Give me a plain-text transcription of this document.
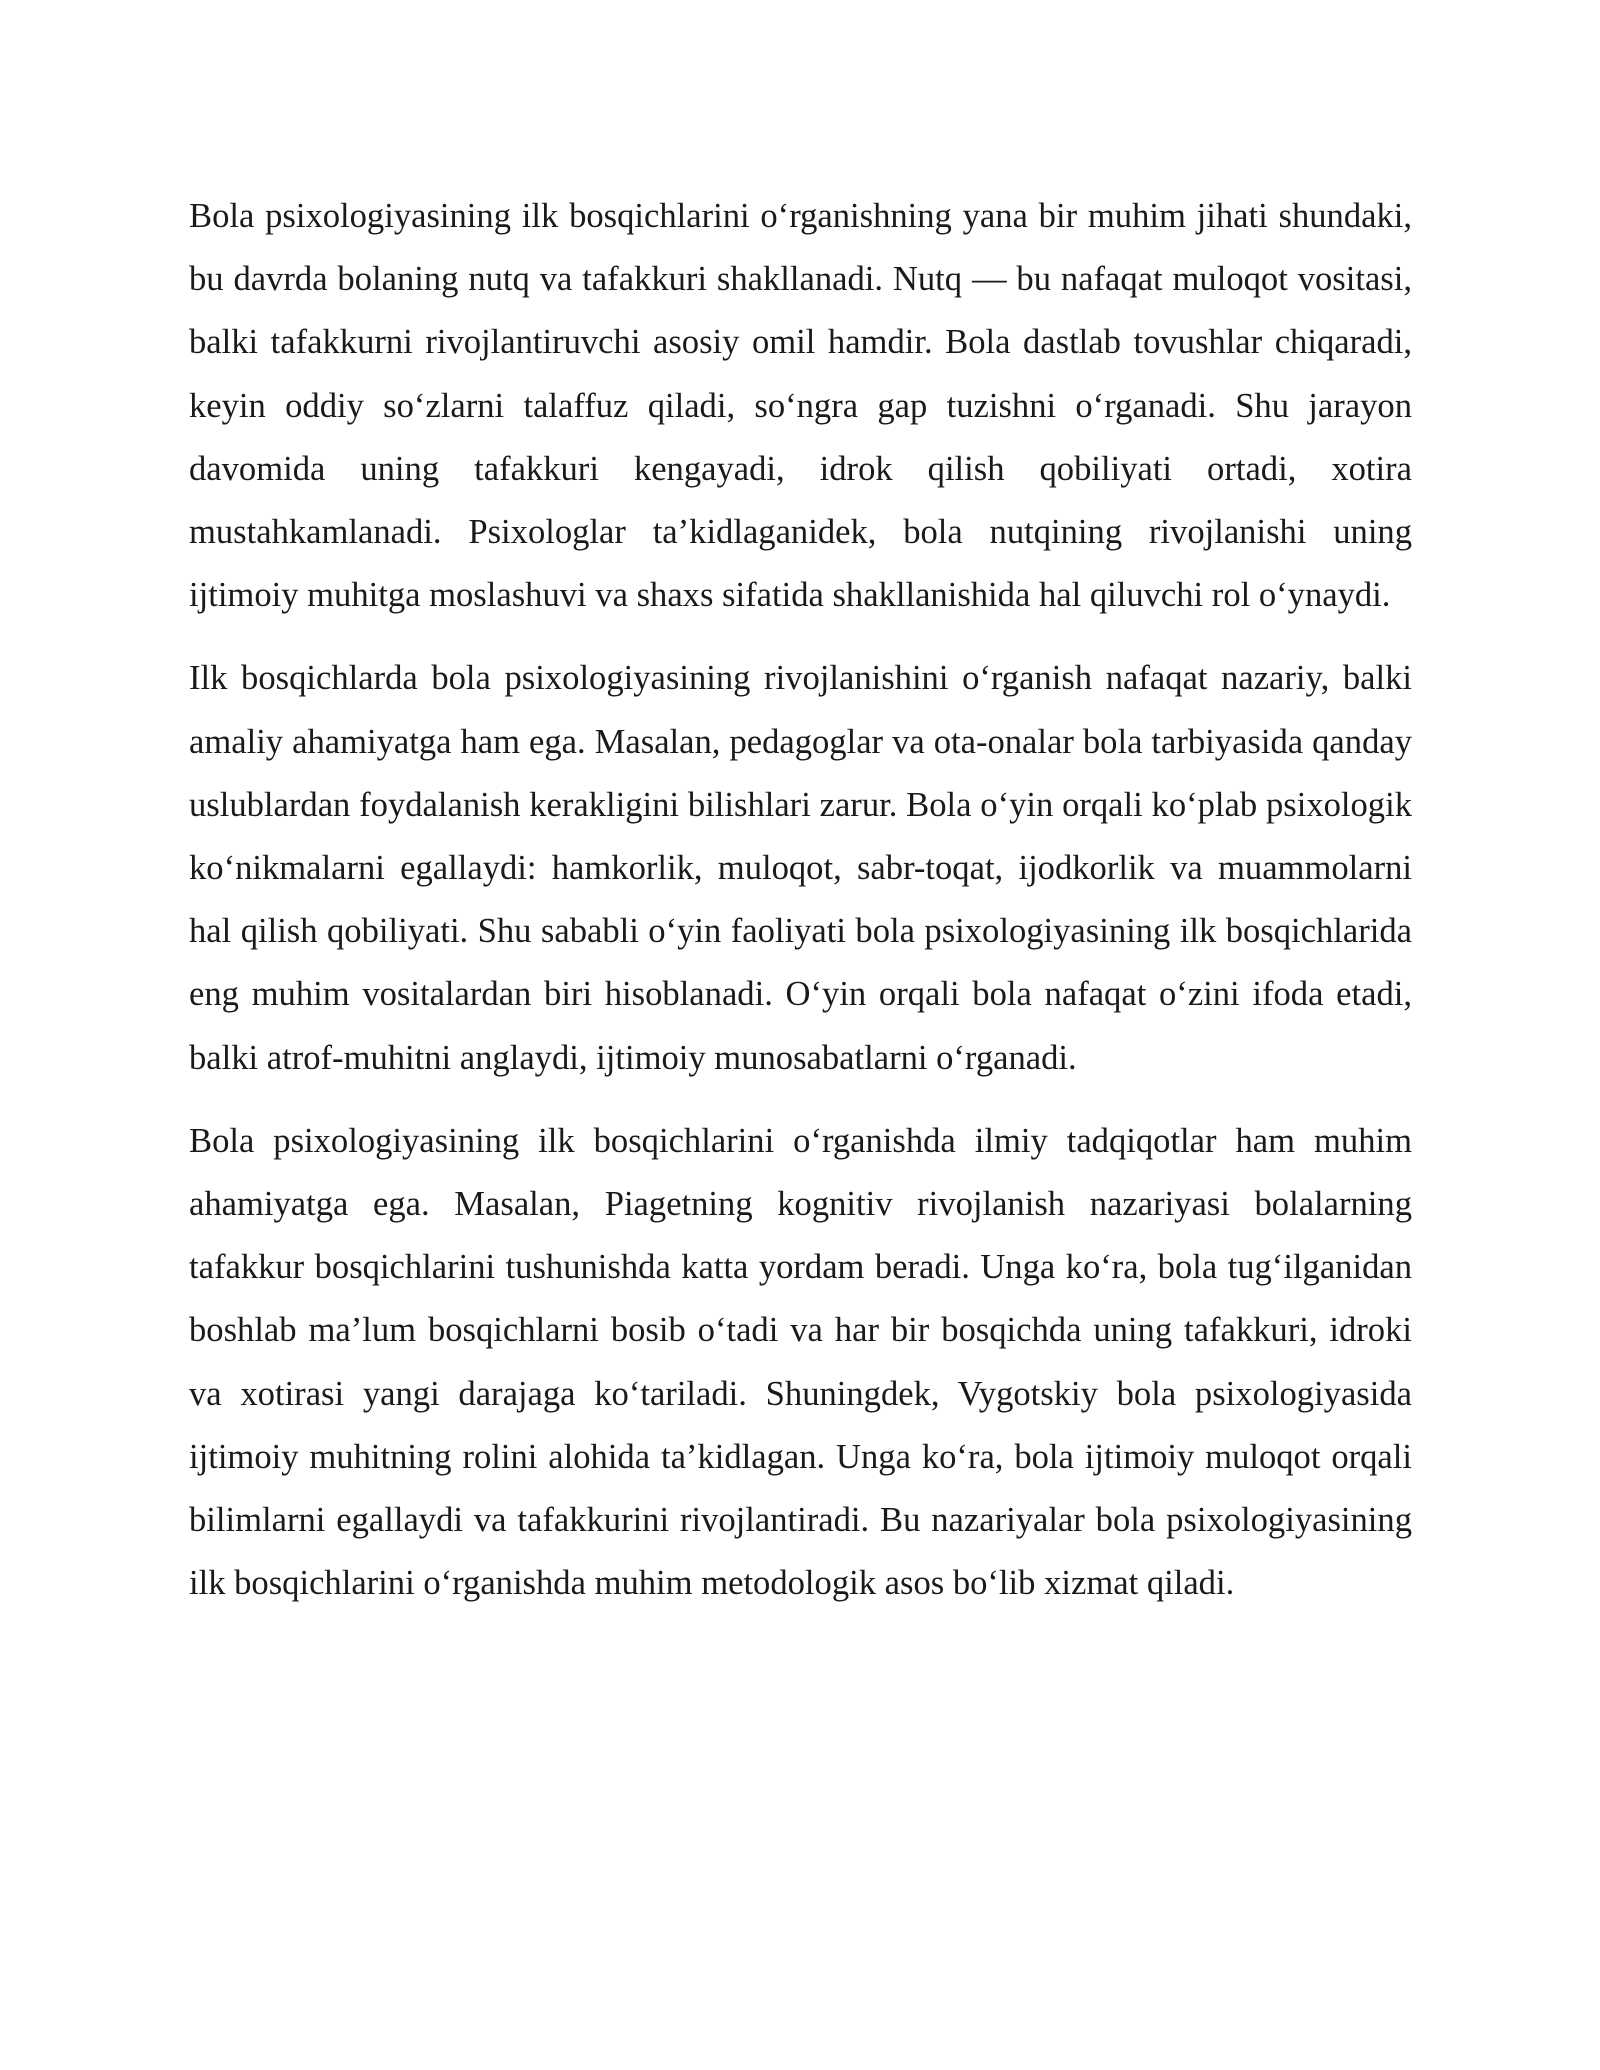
Bola psixologiyasining ilk bosqichlarini o‘rganishning yana bir muhim jihati shundaki, bu davrda bolaning nutq va tafakkuri shakllanadi. Nutq — bu nafaqat muloqot vositasi, balki tafakkurni rivojlantiruvchi asosiy omil hamdir. Bola dastlab tovushlar chiqaradi, keyin oddiy so‘zlarni talaffuz qiladi, so‘ngra gap tuzishni o‘rganadi. Shu jarayon davomida uning tafakkuri kengayadi, idrok qilish qobiliyati ortadi, xotira mustahkamlanadi. Psixologlar ta’kidlaganidek, bola nutqining rivojlanishi uning ijtimoiy muhitga moslashuvi va shaxs sifatida shakllanishida hal qiluvchi rol o‘ynaydi.

Ilk bosqichlarda bola psixologiyasining rivojlanishini o‘rganish nafaqat nazariy, balki amaliy ahamiyatga ham ega. Masalan, pedagoglar va ota-onalar bola tarbiyasida qanday uslublardan foydalanish kerakligini bilishlari zarur. Bola o‘yin orqali ko‘plab psixologik ko‘nikmalarni egallaydi: hamkorlik, muloqot, sabr-toqat, ijodkorlik va muammolarni hal qilish qobiliyati. Shu sababli o‘yin faoliyati bola psixologiyasining ilk bosqichlarida eng muhim vositalardan biri hisoblanadi. O‘yin orqali bola nafaqat o‘zini ifoda etadi, balki atrof-muhitni anglaydi, ijtimoiy munosabatlarni o‘rganadi.

Bola psixologiyasining ilk bosqichlarini o‘rganishda ilmiy tadqiqotlar ham muhim ahamiyatga ega. Masalan, Piagetning kognitiv rivojlanish nazariyasi bolalarning tafakkur bosqichlarini tushunishda katta yordam beradi. Unga ko‘ra, bola tug‘ilganidan boshlab ma’lum bosqichlarni bosib o‘tadi va har bir bosqichda uning tafakkuri, idroki va xotirasi yangi darajaga ko‘tariladi. Shuningdek, Vygotskiy bola psixologiyasida ijtimoiy muhitning rolini alohida ta’kidlagan. Unga ko‘ra, bola ijtimoiy muloqot orqali bilimlarni egallaydi va tafakkurini rivojlantiradi. Bu nazariyalar bola psixologiyasining ilk bosqichlarini o‘rganishda muhim metodologik asos bo‘lib xizmat qiladi.
